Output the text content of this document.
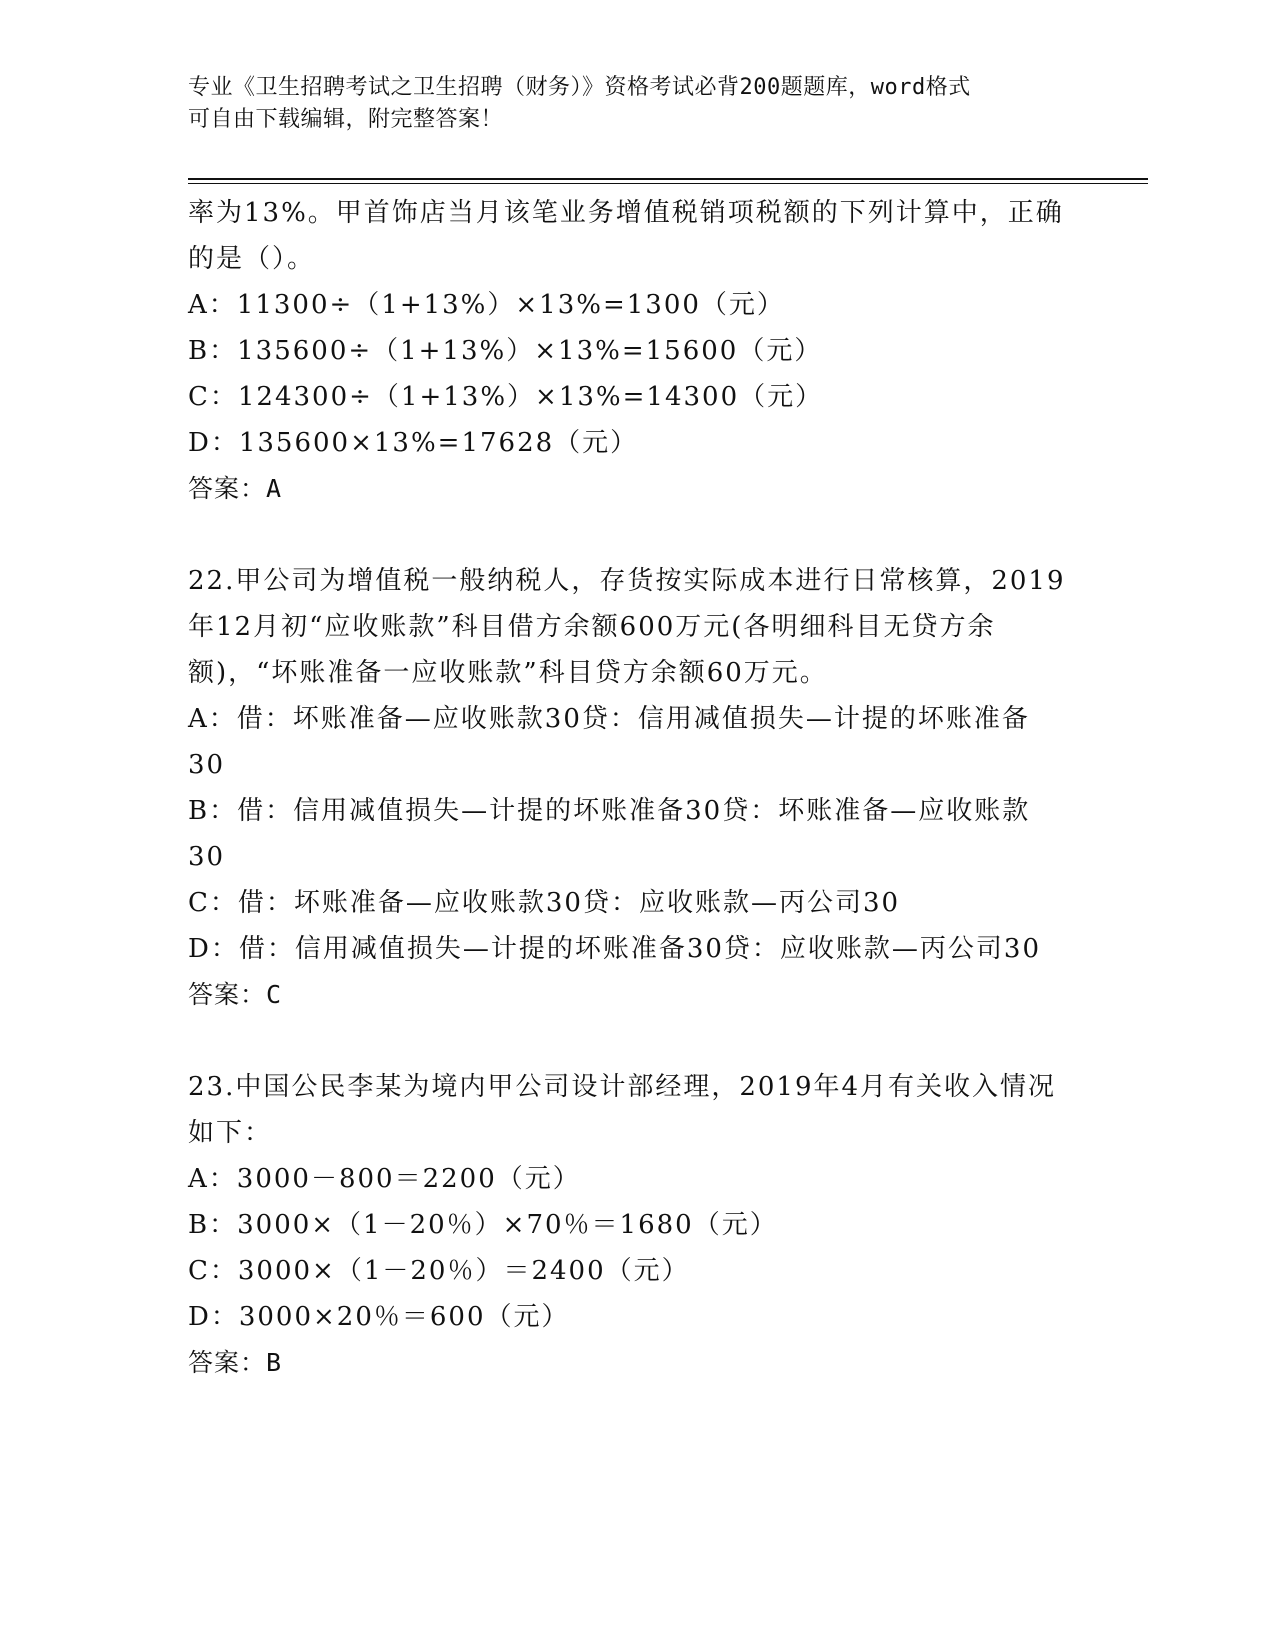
专业《卫生招聘考试之卫生招聘（财务）》资格考试必背200题题库，word格式
可自由下载编辑，附完整答案！
率为13%。甲首饰店当月该笔业务增值税销项税额的下列计算中，正确
的是（）。
A：11300÷（1+13%）×13%=1300（元）
B：135600÷（1+13%）×13%=15600（元）
C：124300÷（1+13%）×13%=14300（元）
D：135600×13%=17628（元）
答案：A
22.甲公司为增值税一般纳税人，存货按实际成本进行日常核算，2019
年12月初“应收账款”科目借方余额600万元(各明细科目无贷方余
额)，“坏账准备一应收账款”科目贷方余额60万元。
A：借：坏账准备—应收账款30贷：信用减值损失—计提的坏账准备
30
B：借：信用减值损失—计提的坏账准备30贷：坏账准备—应收账款
30
C：借：坏账准备—应收账款30贷：应收账款—丙公司30
D：借：信用减值损失—计提的坏账准备30贷：应收账款—丙公司30
答案：C
23.中国公民李某为境内甲公司设计部经理，2019年4月有关收入情况
如下：
A：3000－800＝2200（元）
B：3000×（1－20％）×70％＝1680（元）
C：3000×（1－20％）＝2400（元）
D：3000×20％＝600（元）
答案：B
